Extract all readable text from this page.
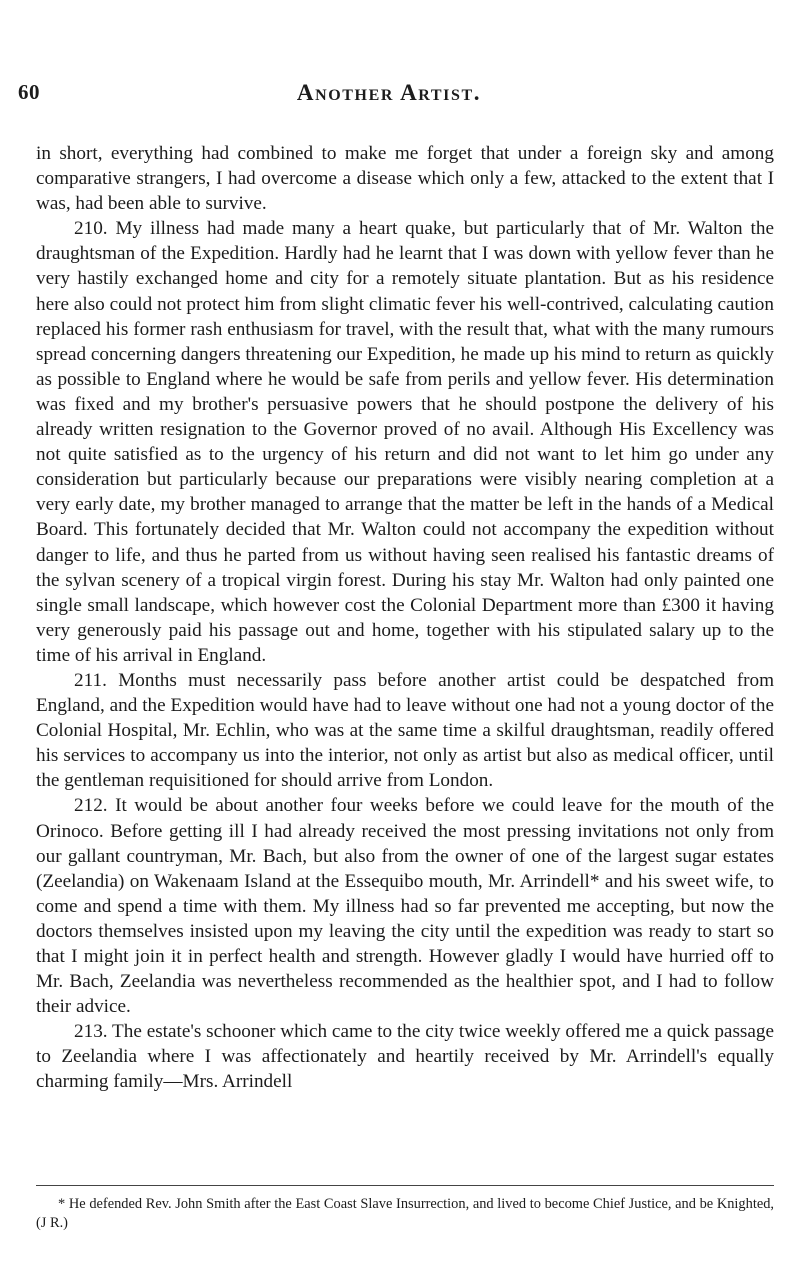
60	Another Artist.

in short, everything had combined to make me forget that under a foreign sky and among comparative strangers, I had overcome a disease which only a few, attacked to the extent that I was, had been able to survive.

210. My illness had made many a heart quake, but particularly that of Mr. Walton the draughtsman of the Expedition. Hardly had he learnt that I was down with yellow fever than he very hastily exchanged home and city for a remotely situate plantation. But as his residence here also could not protect him from slight climatic fever his well-contrived, calculating caution replaced his former rash enthusiasm for travel, with the result that, what with the many rumours spread concerning dangers threatening our Expedition, he made up his mind to return as quickly as possible to England where he would be safe from perils and yellow fever. His determination was fixed and my brother's persuasive powers that he should postpone the delivery of his already written resignation to the Governor proved of no avail. Although His Excellency was not quite satisfied as to the urgency of his return and did not want to let him go under any consideration but particularly because our preparations were visibly nearing completion at a very early date, my brother managed to arrange that the matter be left in the hands of a Medical Board. This fortunately decided that Mr. Walton could not accompany the expedition without danger to life, and thus he parted from us without having seen realised his fantastic dreams of the sylvan scenery of a tropical virgin forest. During his stay Mr. Walton had only painted one single small landscape, which however cost the Colonial Department more than £300 it having very generously paid his passage out and home, together with his stipulated salary up to the time of his arrival in England.

211. Months must necessarily pass before another artist could be despatched from England, and the Expedition would have had to leave without one had not a young doctor of the Colonial Hospital, Mr. Echlin, who was at the same time a skilful draughtsman, readily offered his services to accompany us into the interior, not only as artist but also as medical officer, until the gentleman requisitioned for should arrive from London.

212. It would be about another four weeks before we could leave for the mouth of the Orinoco. Before getting ill I had already received the most pressing invitations not only from our gallant countryman, Mr. Bach, but also from the owner of one of the largest sugar estates (Zeelandia) on Wakenaam Island at the Essequibo mouth, Mr. Arrindell* and his sweet wife, to come and spend a time with them. My illness had so far prevented me accepting, but now the doctors themselves insisted upon my leaving the city until the expedition was ready to start so that I might join it in perfect health and strength. However gladly I would have hurried off to Mr. Bach, Zeelandia was nevertheless recommended as the healthier spot, and I had to follow their advice.

213. The estate's schooner which came to the city twice weekly offered me a quick passage to Zeelandia where I was affectionately and heartily received by Mr. Arrindell's equally charming family—Mrs. Arrindell

* He defended Rev. John Smith after the East Coast Slave Insurrection, and lived to become Chief Justice, and be Knighted, (J R.)
